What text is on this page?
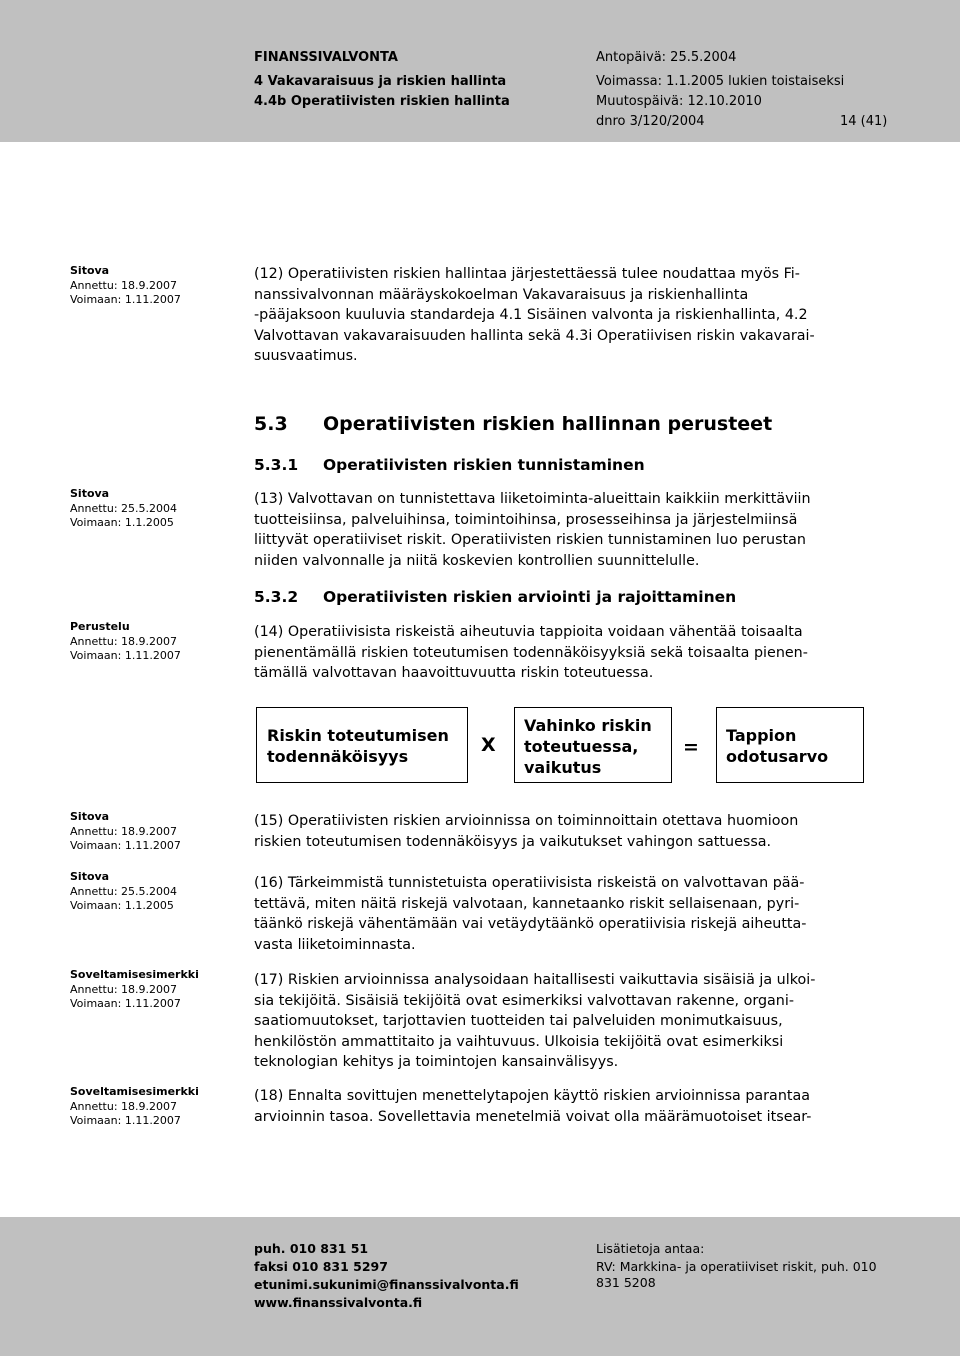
FINANSSIVALVONTA
4 Vakavaraisuus ja riskien hallinta
4.4b Operatiivisten riskien hallinta
Antopäivä: 25.5.2004
Voimassa: 1.1.2005 lukien toistaiseksi
Muutospäivä: 12.10.2010
dnro 3/120/2004	14 (41)
Sitova
Annettu: 18.9.2007
Voimaan: 1.11.2007
Sitova
Annettu: 25.5.2004
Voimaan: 1.1.2005
Perustelu
Annettu: 18.9.2007
Voimaan: 1.11.2007
Sitova
Annettu: 18.9.2007
Voimaan: 1.11.2007
Sitova
Annettu: 25.5.2004
Voimaan: 1.1.2005
Soveltamisesimerkki
Annettu: 18.9.2007
Voimaan: 1.11.2007
Soveltamisesimerkki
Annettu: 18.9.2007
Voimaan: 1.11.2007
(12) Operatiivisten riskien hallintaa järjestettäessä tulee noudattaa myös Fi-
nanssivalvonnan määräyskokoelman Vakavaraisuus ja riskienhallinta
-pääjaksoon kuuluvia standardeja 4.1 Sisäinen valvonta ja riskienhallinta, 4.2
Valvottavan vakavaraisuuden hallinta sekä 4.3i Operatiivisen riskin vakavarai-
suusvaatimus.
5.3 Operatiivisten riskien hallinnan perusteet
5.3.1 Operatiivisten riskien tunnistaminen
(13) Valvottavan on tunnistettava liiketoiminta-alueittain kaikkiin merkittäviin
tuotteisiinsa, palveluihinsa, toimintoihinsa, prosesseihinsa ja järjestelmiinsä
liittyvät operatiiviset riskit. Operatiivisten riskien tunnistaminen luo perustan
niiden valvonnalle ja niitä koskevien kontrollien suunnittelulle.
5.3.2 Operatiivisten riskien arviointi ja rajoittaminen
(14) Operatiivisista riskeistä aiheutuvia tappioita voidaan vähentää toisaalta
pienentämällä riskien toteutumisen todennäköisyyksiä sekä toisaalta pienen-
tämällä valvottavan haavoittuvuutta riskin toteutuessa.
Riskin toteutumisen
todennäköisyys
X
Vahinko riskin
toteutuessa,
vaikutus
=
Tappion
odotusarvo
(15) Operatiivisten riskien arvioinnissa on toiminnoittain otettava huomioon
riskien toteutumisen todennäköisyys ja vaikutukset vahingon sattuessa.
(16) Tärkeimmistä tunnistetuista operatiivisista riskeistä on valvottavan pää-
tettävä, miten näitä riskejä valvotaan, kannetaanko riskit sellaisenaan, pyri-
täänkö riskejä vähentämään vai vetäydytäänkö operatiivisia riskejä aiheutta-
vasta liiketoiminnasta.
(17) Riskien arvioinnissa analysoidaan haitallisesti vaikuttavia sisäisiä ja ulkoi-
sia tekijöitä. Sisäisiä tekijöitä ovat esimerkiksi valvottavan rakenne, organi-
saatiomuutokset, tarjottavien tuotteiden tai palveluiden monimutkaisuus,
henkilöstön ammattitaito ja vaihtuvuus. Ulkoisia tekijöitä ovat esimerkiksi
teknologian kehitys ja toimintojen kansainvälisyys.
(18) Ennalta sovittujen menettelytapojen käyttö riskien arvioinnissa parantaa
arvioinnin tasoa. Sovellettavia menetelmiä voivat olla määrämuotoiset itsear-
puh. 010 831 51
faksi 010 831 5297
etunimi.sukunimi@finanssivalvonta.fi
www.finanssivalvonta.fi
Lisätietoja antaa:
RV: Markkina- ja operatiiviset riskit, puh. 010
831 5208
